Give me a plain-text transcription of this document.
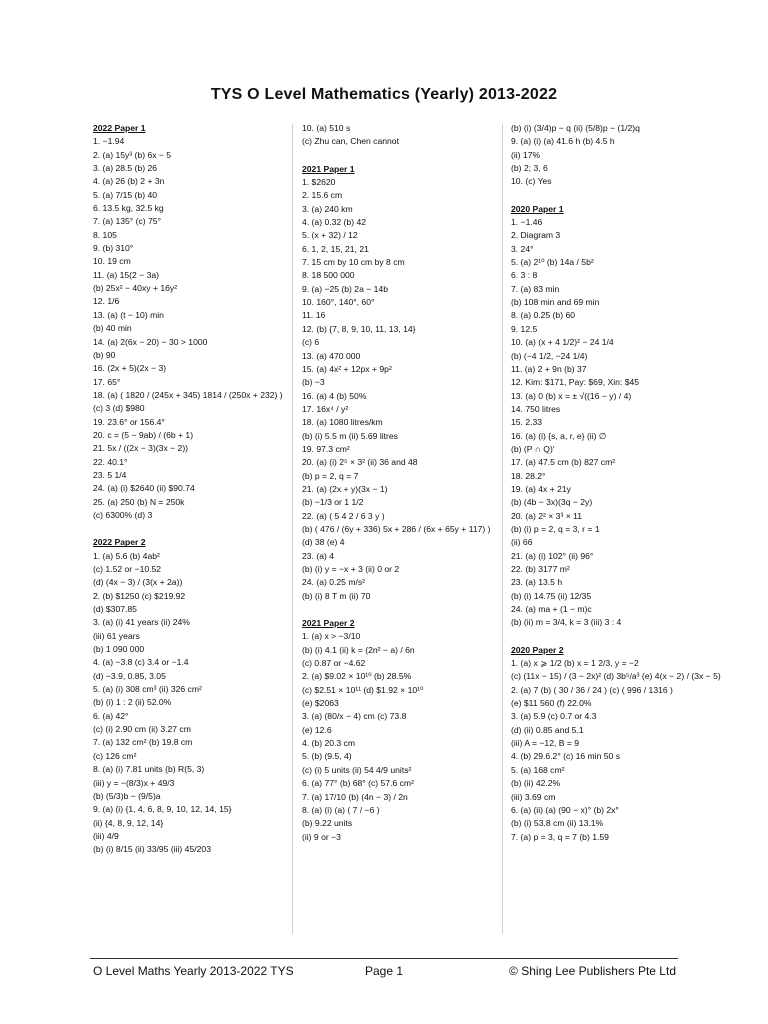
TYS O Level Mathematics (Yearly) 2013-2022
2022 Paper 1
1. −1.94
2. (a) 15y³ (b) 6x − 5
3. (a) 28.5 (b) 26
4. (a) 26 (b) 2 + 3n
5. (a) 7/15 (b) 40
6. 13.5 kg, 32.5 kg
7. (a) 135° (c) 75°
8. 105
9. (b) 310°
10. 19 cm
11. (a) 15(2 − 3a)
(b) 25x² − 40xy + 16y²
12. 1/6
13. (a) (t − 10) min
(b) 40 min
14. (a) 2(6x − 20) − 30 > 1000
(b) 90
16. (2x + 5)(2x − 3)
17. 65°
18. (a) ( 1820 / (245x + 345) 1814 / (250x + 232) )
(c) 3 (d) $980
19. 23.6° or 156.4°
20. c = (5 − 9ab) / (6b + 1)
21. 5x / ((2x − 3)(3x − 2))
22. 40.1°
23. 5 1/4
24. (a) (i) $2640 (ii) $90.74
25. (a) 250 (b) N = 250k
(c) 6300% (d) 3
2022 Paper 2
1. (a) 5.6 (b) 4ab²
(c) 1.52 or −10.52
(d) (4x − 3) / (3(x + 2a))
2. (b) $1250 (c) $219.92
(d) $307.85
3. (a) (i) 41 years (ii) 24%
(iii) 61 years
(b) 1 090 000
4. (a) −3.8 (c) 3.4 or −1.4
(d) −3.9, 0.85, 3.05
5. (a) (i) 308 cm³ (ii) 326 cm²
(b) (i) 1 : 2 (ii) 52.0%
6. (a) 42°
(c) (i) 2.90 cm (ii) 3.27 cm
7. (a) 132 cm² (b) 19.8 cm
(c) 126 cm²
8. (a) (i) 7.81 units (b) R(5, 3)
(iii) y = −(8/3)x + 49/3
(b) (5/3)b − (9/5)a
9. (a) (i) {1, 4, 6, 8, 9, 10, 12, 14, 15}
(ii) {4, 8, 9, 12, 14}
(iii) 4/9
(b) (i) 8/15 (ii) 33/95 (iii) 45/203
10. (a) 510 s
(c) Zhu can, Chen cannot
2021 Paper 1
1. $2620
2. 15.6 cm
3. (a) 240 km
4. (a) 0.32 (b) 42
5. (x + 32) / 12
6. 1, 2, 15, 21, 21
7. 15 cm by 10 cm by 8 cm
8. 18 500 000
9. (a) −25 (b) 2a − 14b
10. 160°, 140°, 60°
11. 16
12. (b) {7, 8, 9, 10, 11, 13, 14}
(c) 6
13. (a) 470 000
15. (a) 4x² + 12px + 9p²
(b) −3
16. (a) 4 (b) 50%
17. 16x⁴ / y²
18. (a) 1080 litres/km
(b) (i) 5.5 m (ii) 5.69 litres
19. 97.3 cm²
20. (a) (i) 2⁵ × 3² (ii) 36 and 48
(b) p = 2, q = 7
21. (a) (2x + y)(3x − 1)
(b) −1/3 or 1 1/2
22. (a) ( 5 4 2 / 6 3 y )
(b) ( 476 / (6y + 336) 5x + 286 / (6x + 65y + 117) )
(d) 38 (e) 4
23. (a) 4
(b) (i) y = −x + 3 (ii) 0 or 2
24. (a) 0.25 m/s²
(b) (i) 8 T m (ii) 70
2021 Paper 2
1. (a) x > −3/10
(b) (i) 4.1 (ii) k = (2n² − a) / 6n
(c) 0.87 or −4.62
2. (a) $9.02 × 10¹⁰ (b) 28.5%
(c) $2.51 × 10¹¹ (d) $1.92 × 10¹⁰
(e) $2063
3. (a) (80/x − 4) cm (c) 73.8
(e) 12.6
4. (b) 20.3 cm
5. (b) (9.5, 4)
(c) (i) 5 units (ii) 54 4/9 units²
6. (a) 77° (b) 68° (c) 57.6 cm²
7. (a) 17/10 (b) (4n − 3) / 2n
8. (a) (i) (a) ( 7 / −6 )
(b) 9.22 units
(ii) 9 or −3
(b) (i) (3/4)p − q (ii) (5/8)p − (1/2)q
9. (a) (i) (a) 41.6 h (b) 4.5 h
(ii) 17%
(b) 2; 3, 6
10. (c) Yes
2020 Paper 1
1. −1.46
2. Diagram 3
3. 24°
5. (a) 2¹⁰ (b) 14a / 5b²
6. 3 : 8
7. (a) 83 min
(b) 108 min and 69 min
8. (a) 0.25 (b) 60
9. 12.5
10. (a) (x + 4 1/2)² − 24 1/4
(b) (−4 1/2, −24 1/4)
11. (a) 2 + 9n (b) 37
12. Kim: $171, Pay: $69, Xin: $45
13. (a) 0 (b) x = ± √((16 − y) / 4)
14. 750 litres
15. 2.33
16. (a) (i) {s, a, r, e} (ii) ∅
(b) (P ∩ Q)′
17. (a) 47.5 cm (b) 827 cm²
18. 28.2°
19. (a) 4x + 21y
(b) (4b − 3x)(3q − 2y)
20. (a) 2² × 3³ × 11
(b) (i) p = 2, q = 3, r = 1
(ii) 66
21. (a) (i) 102° (ii) 96°
22. (b) 3177 m²
23. (a) 13.5 h
(b) (i) 14.75 (ii) 12/35
24. (a) ma + (1 − m)c
(b) (ii) m = 3/4, k = 3 (iii) 3 : 4
2020 Paper 2
1. (a) x ⩾ 1/2 (b) x = 1 2/3, y = −2
(c) (11x − 15) / (3 − 2x)² (d) 3b⁵/a³ (e) 4(x − 2) / (3x − 5)
2. (a) 7 (b) ( 30 / 36 / 24 ) (c) ( 996 / 1316 )
(e) $11 560 (f) 22.0%
3. (a) 5.9 (c) 0.7 or 4.3
(d) (ii) 0.85 and 5.1
(iii) A = −12, B = 9
4. (b) 29.6.2° (c) 16 min 50 s
5. (a) 168 cm²
(b) (ii) 42.2%
(iii) 3.69 cm
6. (a) (ii) (a) (90 − x)° (b) 2x°
(b) (i) 53.8 cm (ii) 13.1%
7. (a) p = 3, q = 7 (b) 1.59
O Level Maths Yearly 2013-2022 TYS	Page 1	© Shing Lee Publishers Pte Ltd
